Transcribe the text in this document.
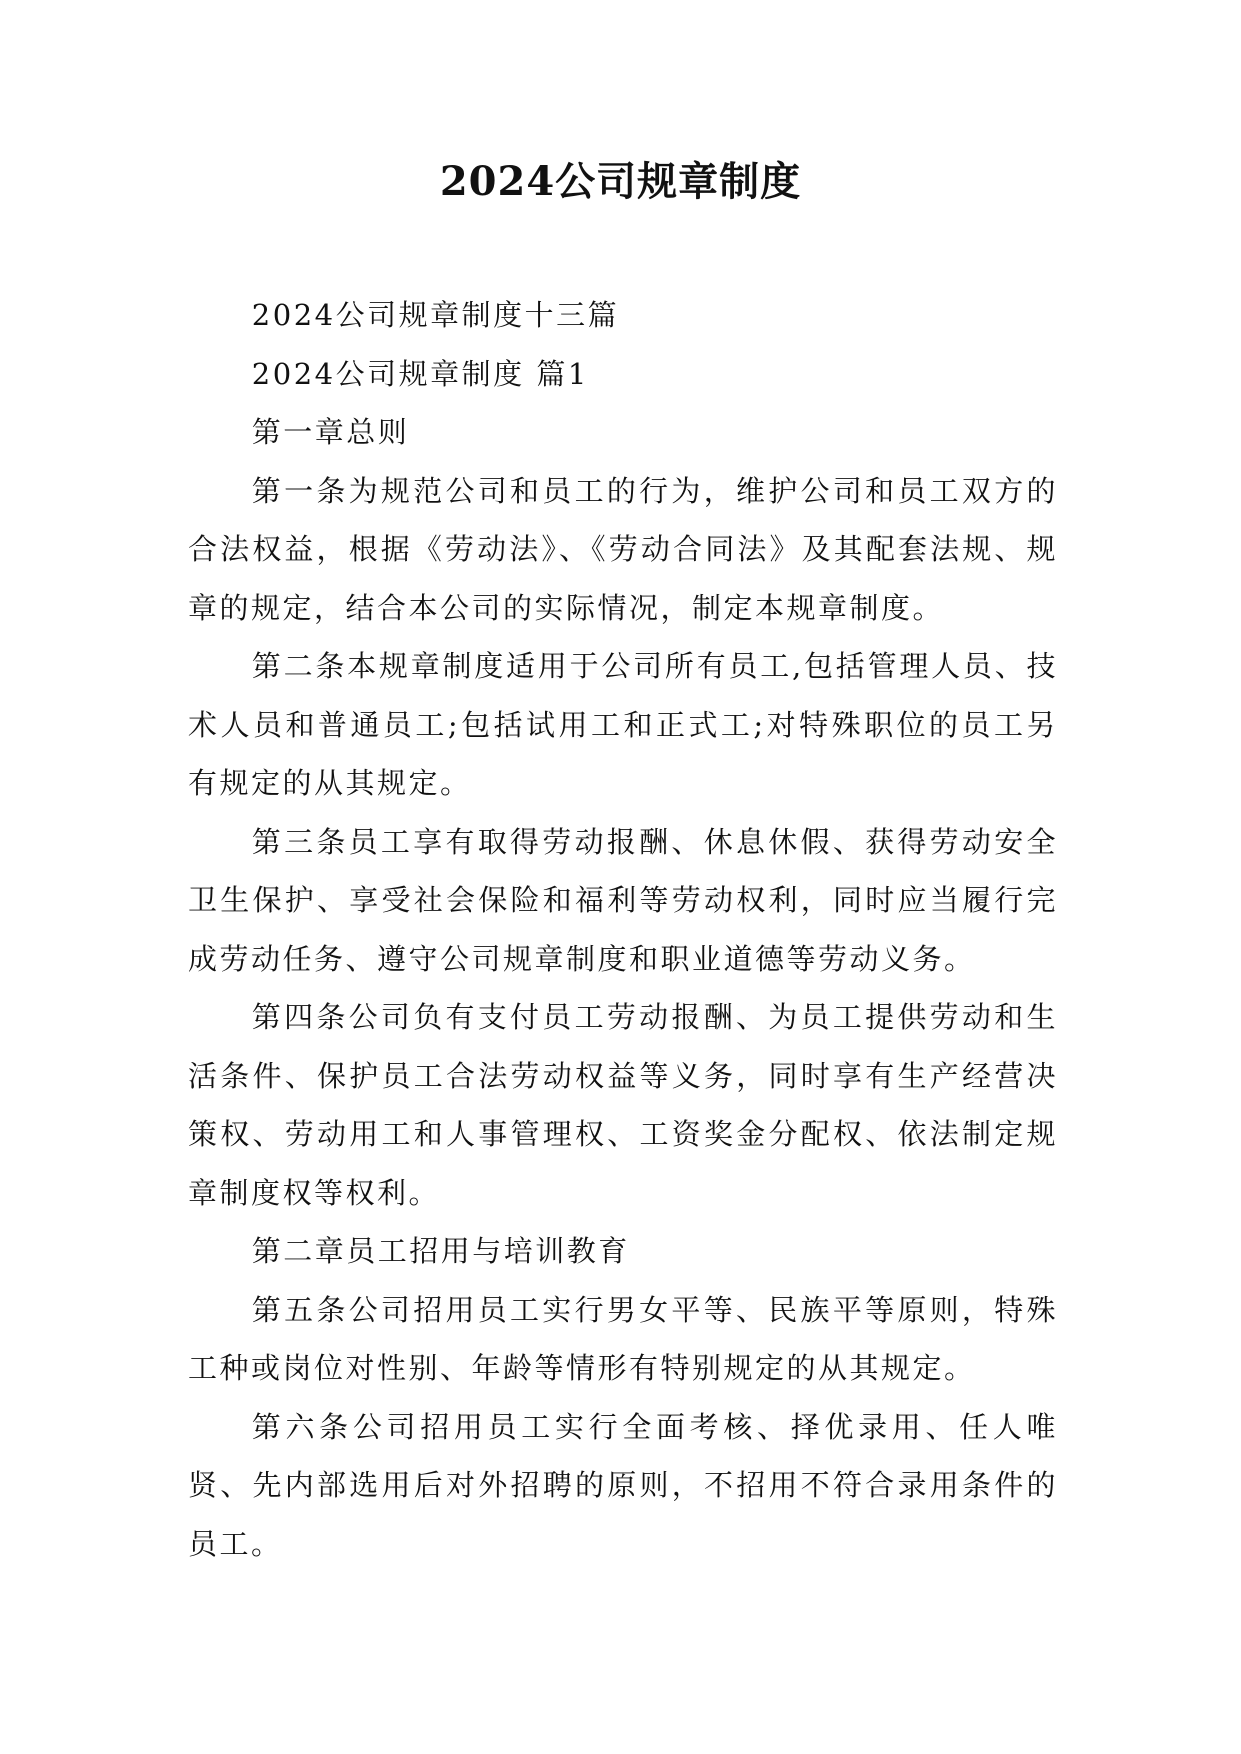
2024公司规章制度

2024公司规章制度十三篇

2024公司规章制度 篇1

第一章总则

第一条为规范公司和员工的行为，维护公司和员工双方的合法权益，根据《劳动法》、《劳动合同法》及其配套法规、规章的规定，结合本公司的实际情况，制定本规章制度。

第二条本规章制度适用于公司所有员工,包括管理人员、技术人员和普通员工;包括试用工和正式工;对特殊职位的员工另有规定的从其规定。

第三条员工享有取得劳动报酬、休息休假、获得劳动安全卫生保护、享受社会保险和福利等劳动权利，同时应当履行完成劳动任务、遵守公司规章制度和职业道德等劳动义务。

第四条公司负有支付员工劳动报酬、为员工提供劳动和生活条件、保护员工合法劳动权益等义务，同时享有生产经营决策权、劳动用工和人事管理权、工资奖金分配权、依法制定规章制度权等权利。

第二章员工招用与培训教育

第五条公司招用员工实行男女平等、民族平等原则，特殊工种或岗位对性别、年龄等情形有特别规定的从其规定。

第六条公司招用员工实行全面考核、择优录用、任人唯贤、先内部选用后对外招聘的原则，不招用不符合录用条件的员工。
